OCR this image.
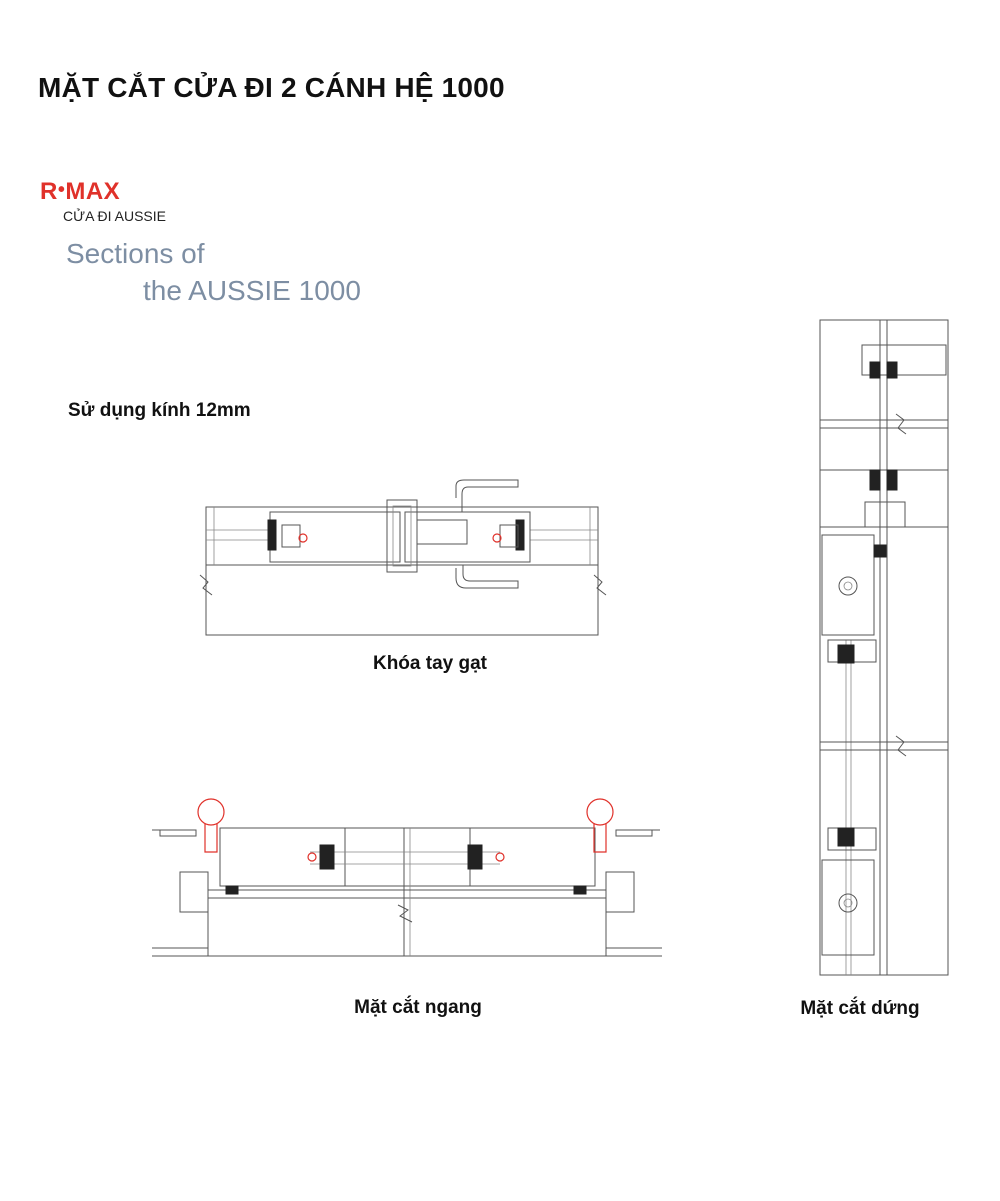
MẶT CẮT CỬA ĐI 2 CÁNH HỆ 1000
R•MAX
CỬA ĐI AUSSIE
Sections of
the AUSSIE 1000
Sử dụng kính 12mm
Khóa tay gạt
Mặt cắt ngang	Mặt cắt dứng
